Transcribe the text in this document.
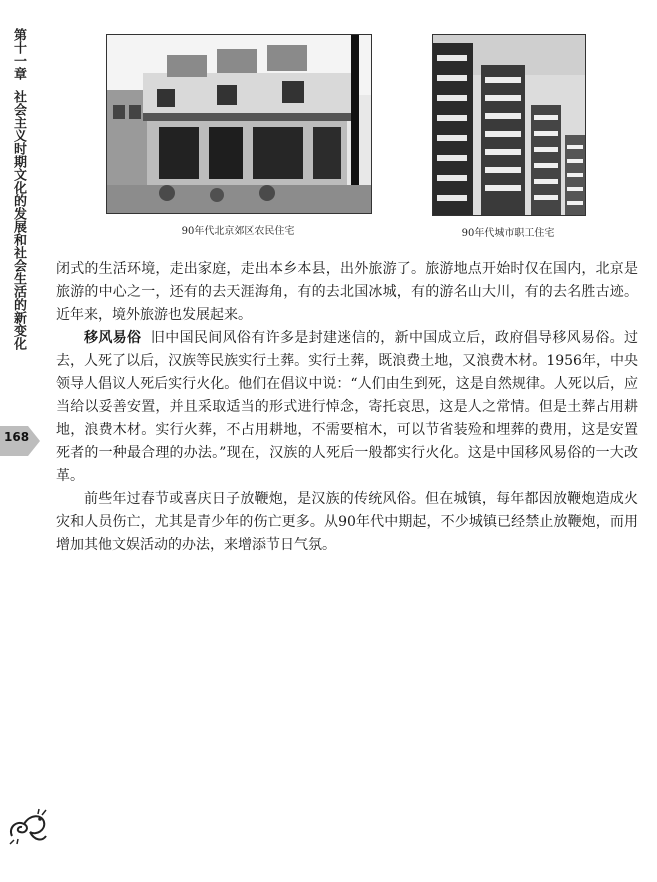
第十一章社会主义时期文化的发展和社会生活的新变化
168
90年代北京郊区农民住宅	90年代城市职工住宅

闭式的生活环境，走出家庭，走出本乡本县，出外旅游了。旅游地点开始时仅在国内，北京是旅游的中心之一，还有的去天涯海角，有的去北国冰城，有的游名山大川，有的去名胜古迹。近年来，境外旅游也发展起来。

移风易俗 旧中国民间风俗有许多是封建迷信的，新中国成立后，政府倡导移风易俗。过去，人死了以后，汉族等民族实行土葬。实行土葬，既浪费土地，又浪费木材。1956年，中央领导人倡议人死后实行火化。他们在倡议中说：“人们由生到死，这是自然规律。人死以后，应当给以妥善安置，并且采取适当的形式进行悼念，寄托哀思，这是人之常情。但是土葬占用耕地，浪费木材。实行火葬，不占用耕地，不需要棺木，可以节省装殓和埋葬的费用，这是安置死者的一种最合理的办法。”现在，汉族的人死后一般都实行火化。这是中国移风易俗的一大改革。

前些年过春节或喜庆日子放鞭炮，是汉族的传统风俗。但在城镇，每年都因放鞭炮造成火灾和人员伤亡，尤其是青少年的伤亡更多。从90年代中期起，不少城镇已经禁止放鞭炮，而用增加其他文娱活动的办法，来增添节日气氛。
